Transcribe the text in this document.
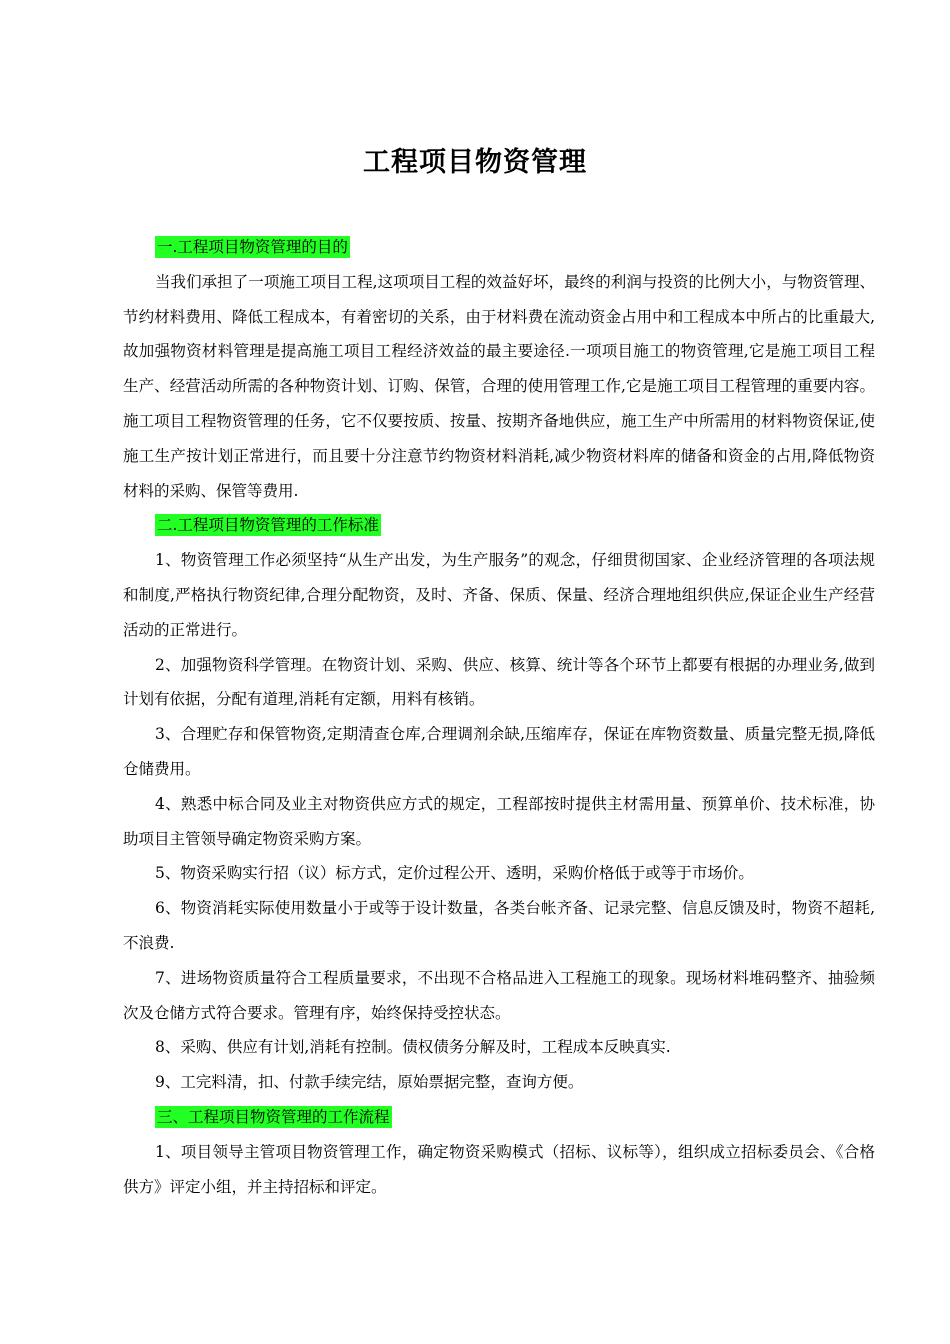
工程项目物资管理

一.工程项目物资管理的目的

当我们承担了一项施工项目工程,这项项目工程的效益好坏，最终的利润与投资的比例大小，与物资管理、节约材料费用、降低工程成本，有着密切的关系，由于材料费在流动资金占用中和工程成本中所占的比重最大,故加强物资材料管理是提高施工项目工程经济效益的最主要途径.一项项目施工的物资管理,它是施工项目工程生产、经营活动所需的各种物资计划、订购、保管，合理的使用管理工作,它是施工项目工程管理的重要内容。施工项目工程物资管理的任务，它不仅要按质、按量、按期齐备地供应，施工生产中所需用的材料物资保证,使施工生产按计划正常进行，而且要十分注意节约物资材料消耗,减少物资材料库的储备和资金的占用,降低物资材料的采购、保管等费用.

二.工程项目物资管理的工作标准

1、物资管理工作必须坚持“从生产出发，为生产服务”的观念，仔细贯彻国家、企业经济管理的各项法规和制度,严格执行物资纪律,合理分配物资，及时、齐备、保质、保量、经济合理地组织供应,保证企业生产经营活动的正常进行。

2、加强物资科学管理。在物资计划、采购、供应、核算、统计等各个环节上都要有根据的办理业务,做到计划有依据，分配有道理,消耗有定额，用料有核销。

3、合理贮存和保管物资,定期清查仓库,合理调剂余缺,压缩库存，保证在库物资数量、质量完整无损,降低仓储费用。

4、熟悉中标合同及业主对物资供应方式的规定，工程部按时提供主材需用量、预算单价、技术标准，协助项目主管领导确定物资采购方案。

5、物资采购实行招（议）标方式，定价过程公开、透明，采购价格低于或等于市场价。

6、物资消耗实际使用数量小于或等于设计数量，各类台帐齐备、记录完整、信息反馈及时，物资不超耗,不浪费.

7、进场物资质量符合工程质量要求，不出现不合格品进入工程施工的现象。现场材料堆码整齐、抽验频次及仓储方式符合要求。管理有序，始终保持受控状态。

8、采购、供应有计划,消耗有控制。债权债务分解及时，工程成本反映真实.

9、工完料清，扣、付款手续完结，原始票据完整，查询方便。

三、工程项目物资管理的工作流程

1、项目领导主管项目物资管理工作，确定物资采购模式（招标、议标等），组织成立招标委员会、《合格供方》评定小组，并主持招标和评定。
